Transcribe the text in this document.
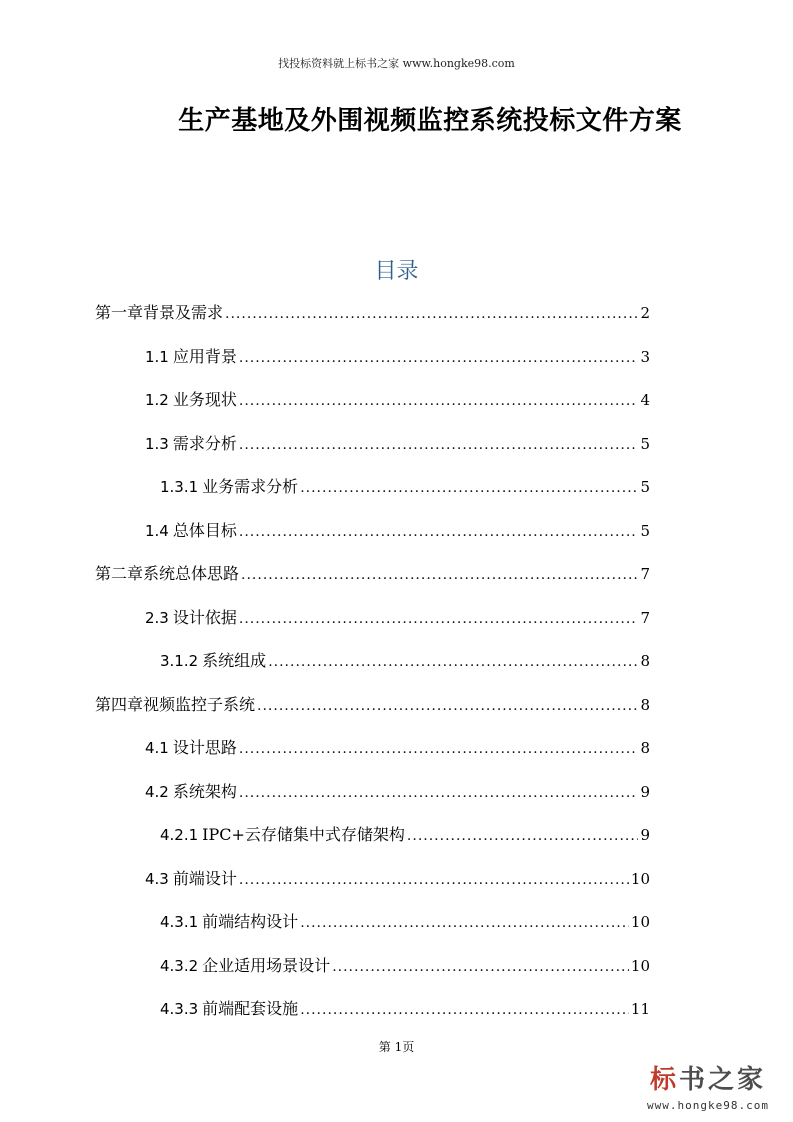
找投标资料就上标书之家 www.hongke98.com
生产基地及外围视频监控系统投标文件方案
目录
第一章背景及需求 .....	2
1.1 应用背景 .....	3
1.2 业务现状 .....	4
1.3 需求分析 .....	5
1.3.1 业务需求分析 .....	5
1.4 总体目标 .....	5
第二章系统总体思路 .....	7
2.3 设计依据 .....	7
3.1.2 系统组成 .....	8
第四章视频监控子系统 .....	8
4.1 设计思路 .....	8
4.2 系统架构 .....	9
4.2.1 IPC+云存储集中式存储架构 .....	9
4.3 前端设计 .....	10
4.3.1 前端结构设计 .....	10
4.3.2 企业适用场景设计 .....	10
4.3.3 前端配套设施 .....	11
第 1页
标书之家
www.hongke98.com
